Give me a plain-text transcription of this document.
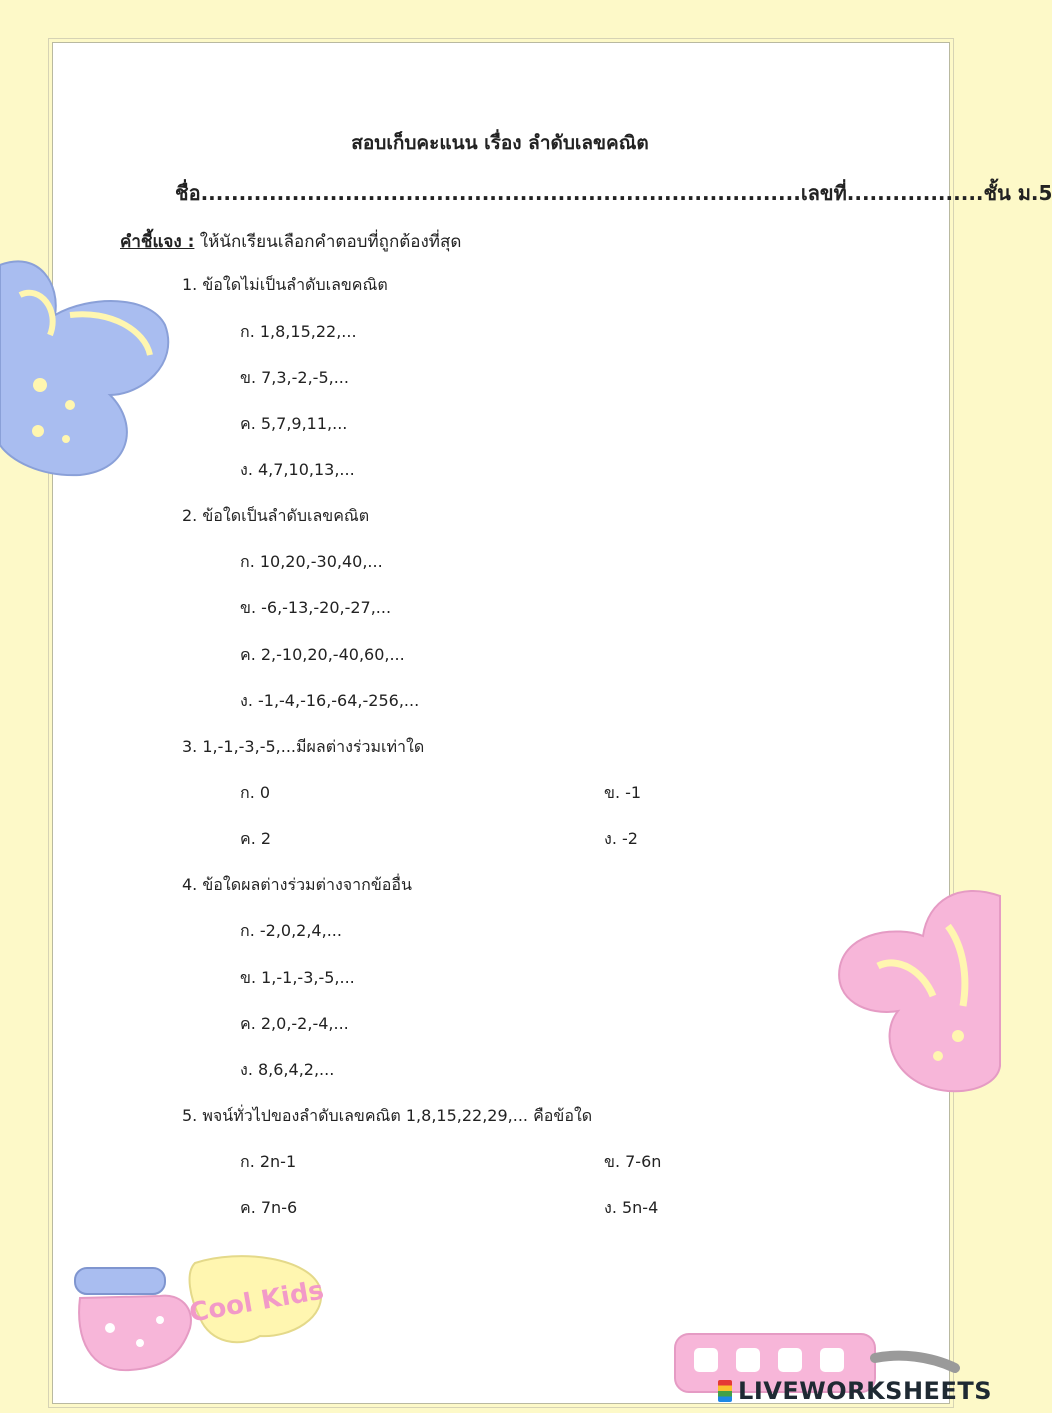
Cool Kids
LIVEWORKSHEETS
สอบเก็บคะแนน เรื่อง ลำดับเลขคณิต
ชื่อ............................................................................... เลขที่.................. ชั้น ม.5
คำชี้แจง : ให้นักเรียนเลือกคำตอบที่ถูกต้องที่สุด
1. ข้อใดไม่เป็นลำดับเลขคณิต
ก. 1,8,15,22,...
ข. 7,3,-2,-5,...
ค. 5,7,9,11,...
ง. 4,7,10,13,...
2. ข้อใดเป็นลำดับเลขคณิต
ก. 10,20,-30,40,...
ข. -6,-13,-20,-27,...
ค. 2,-10,20,-40,60,...
ง. -1,-4,-16,-64,-256,...
3. 1,-1,-3,-5,...มีผลต่างร่วมเท่าใด
ก. 0	ข. -1
ค. 2	ง. -2
4. ข้อใดผลต่างร่วมต่างจากข้ออื่น
ก. -2,0,2,4,...
ข. 1,-1,-3,-5,...
ค. 2,0,-2,-4,...
ง. 8,6,4,2,...
5. พจน์ทั่วไปของลำดับเลขคณิต 1,8,15,22,29,... คือข้อใด
ก. 2n-1	ข. 7-6n
ค. 7n-6	ง. 5n-4
